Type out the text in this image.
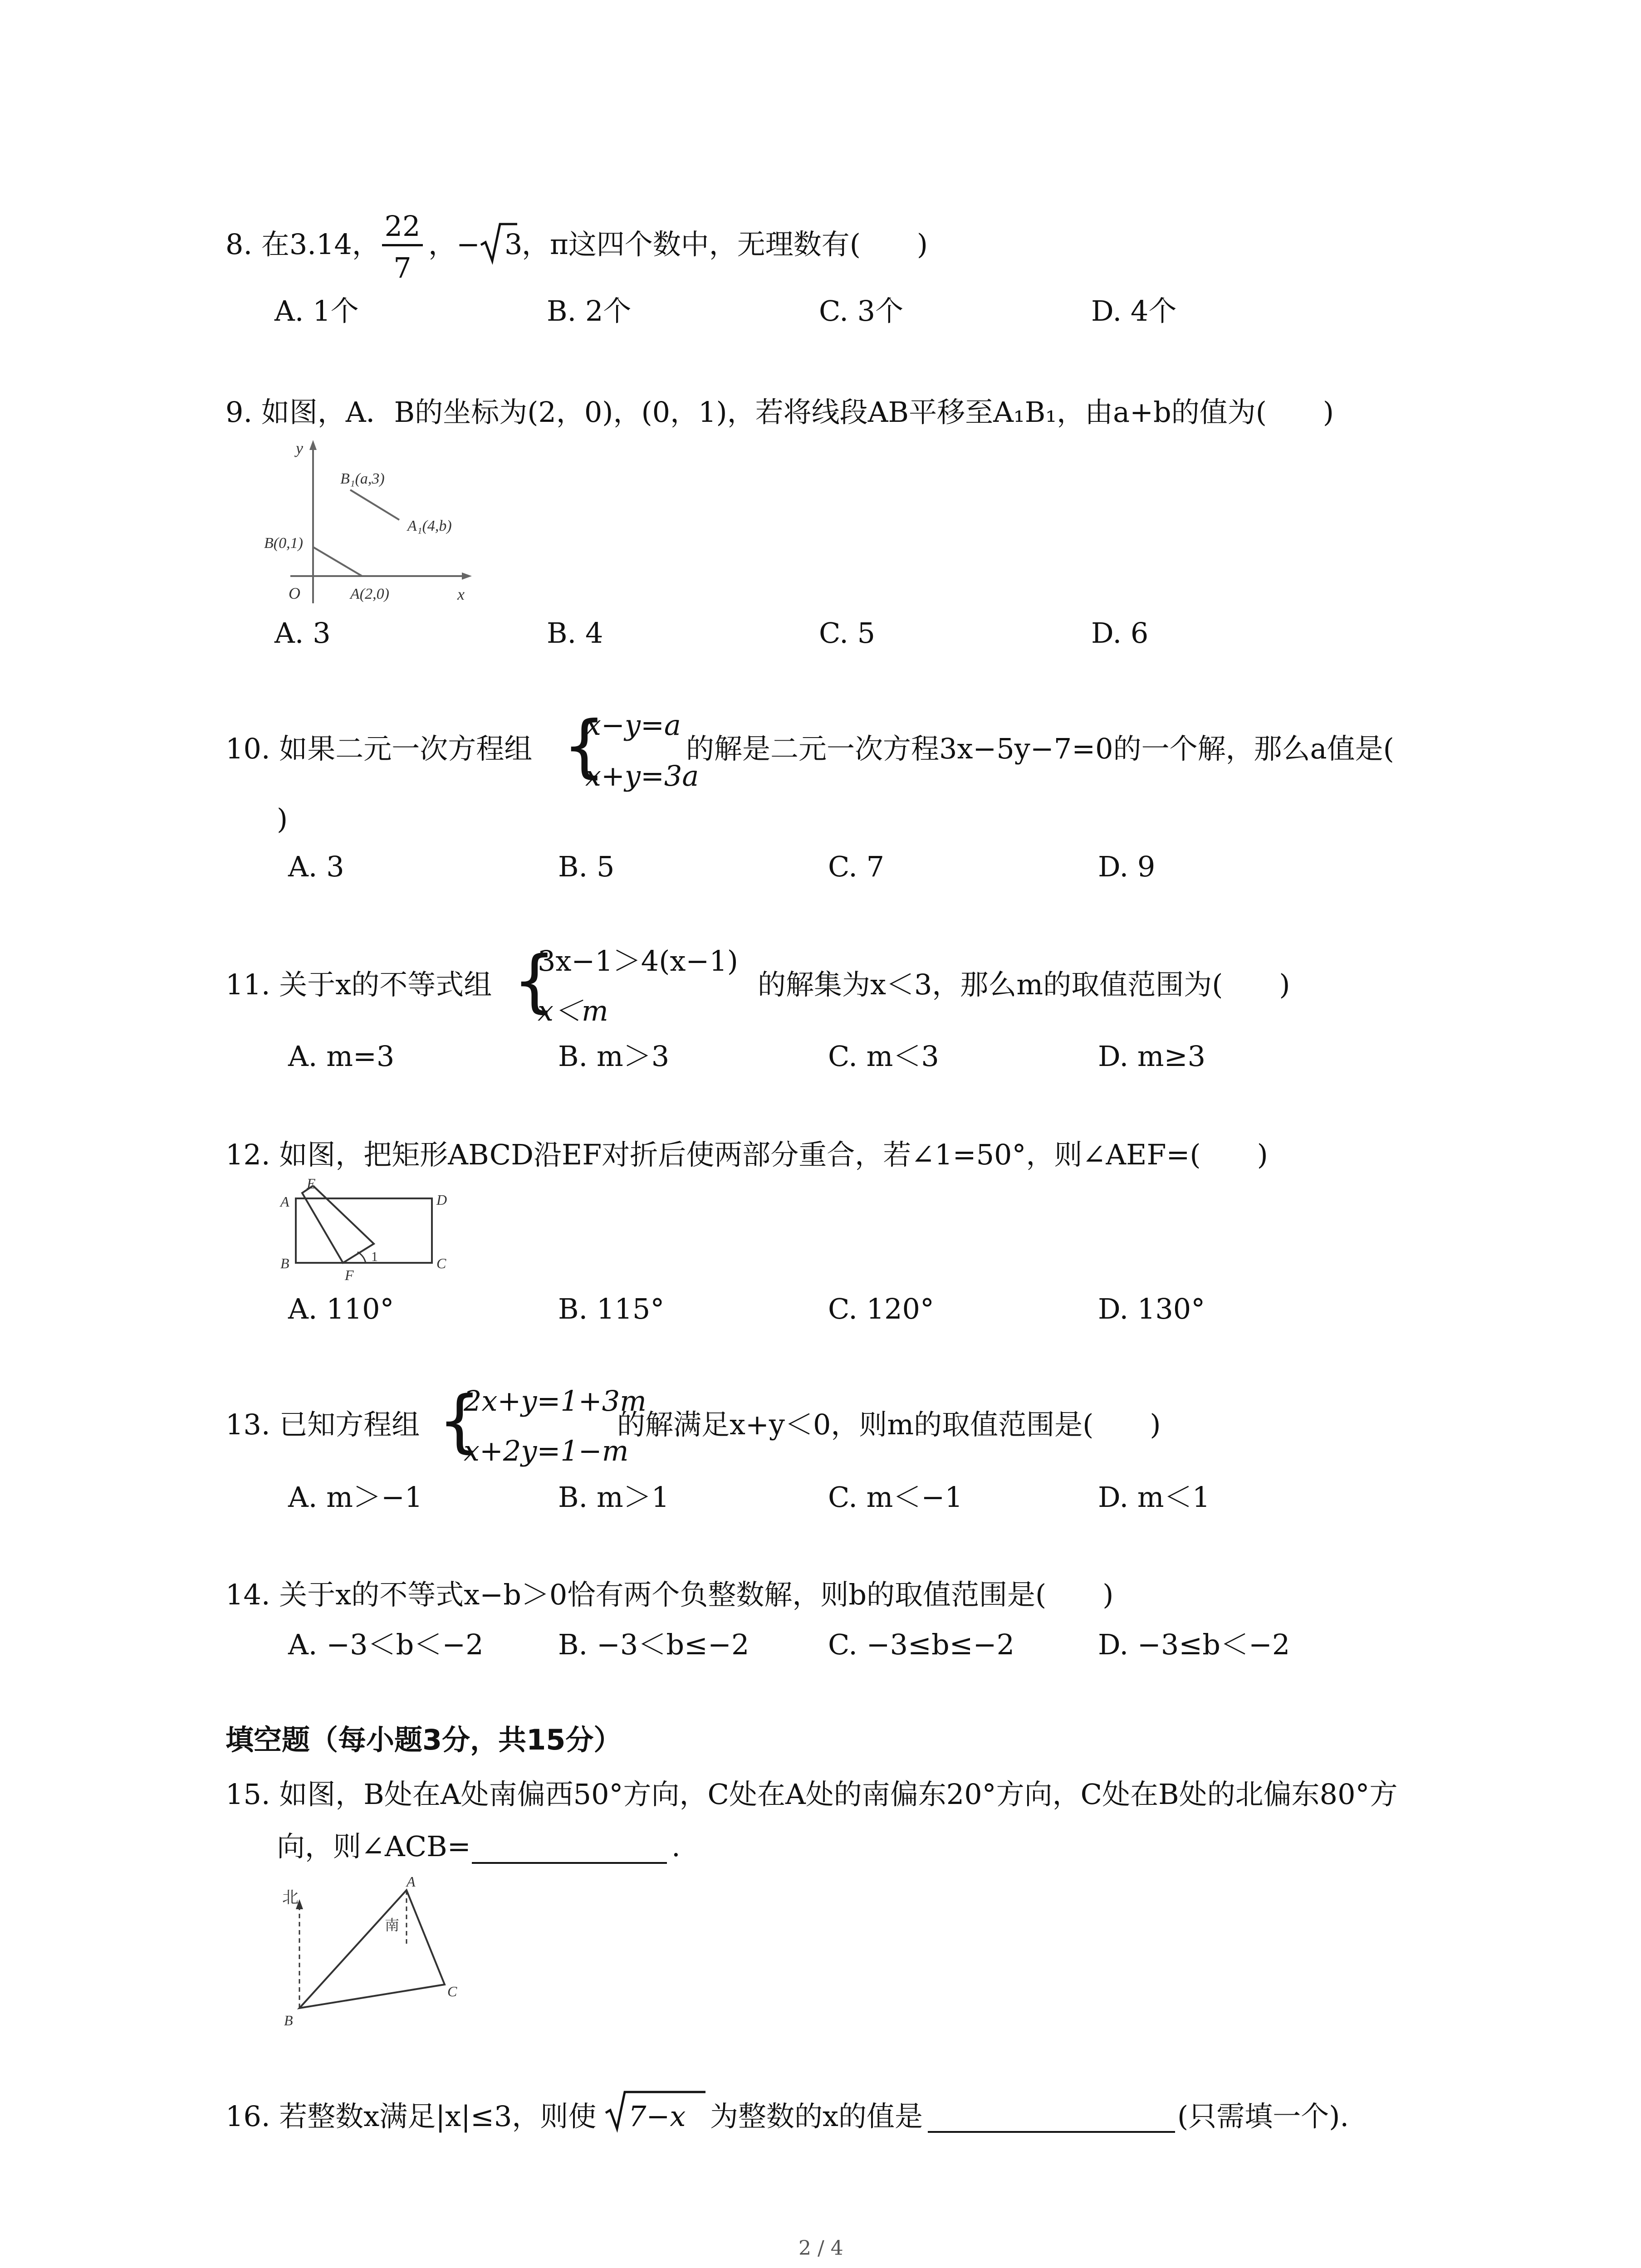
8. 在3.14，
22
7
，− 3
，π这四个数中，无理数有(　　)
A. 1个	B. 2个	C. 3个	D. 4个
9. 如图，A．B的坐标为(2，0)，(0，1)，若将线段AB平移至A₁B₁，由a+b的值为(　　)
y
x
O
B(0,1)
A(2,0)
B₁(a,3)
A₁(4,b)
A. 3	B. 4	C. 5	D. 6
10. 如果二元一次方程组 {
x−y=a
x+y=3a
的解是二元一次方程3x−5y−7=0的一个解，那么a值是(
)
A. 3	B. 5	C. 7	D. 9
11. 关于x的不等式组 {
3x−1＞4(x−1)
x＜m
的解集为x＜3，那么m的取值范围为(　　)
A. m=3	B. m＞3	C. m＜3	D. m≥3
12. 如图，把矩形ABCD沿EF对折后使两部分重合，若∠1=50°，则∠AEF=(　　)
A
B	C
D
E
F
1
A. 110°	B. 115°	C. 120°	D. 130°
13. 已知方程组 {
2x+y=1+3m
x+2y=1−m
的解满足x+y＜0，则m的取值范围是(　　)
A. m＞−1	B. m＞1	C. m＜−1	D. m＜1
14. 关于x的不等式x−b＞0恰有两个负整数解，则b的取值范围是(　　)
A. −3＜b＜−2	B. −3＜b≤−2	C. −3≤b≤−2	D. −3≤b＜−2
填空题（每小题3分，共15分）
15. 如图，B处在A处南偏西50°方向，C处在A处的南偏东20°方向，C处在B处的北偏东80°方
向，则∠ACB=	.
北
南
A
B
C
16. 若整数x满足|x|≤3，则使 7−x 为整数的x的值是	(只需填一个).
2 / 4
